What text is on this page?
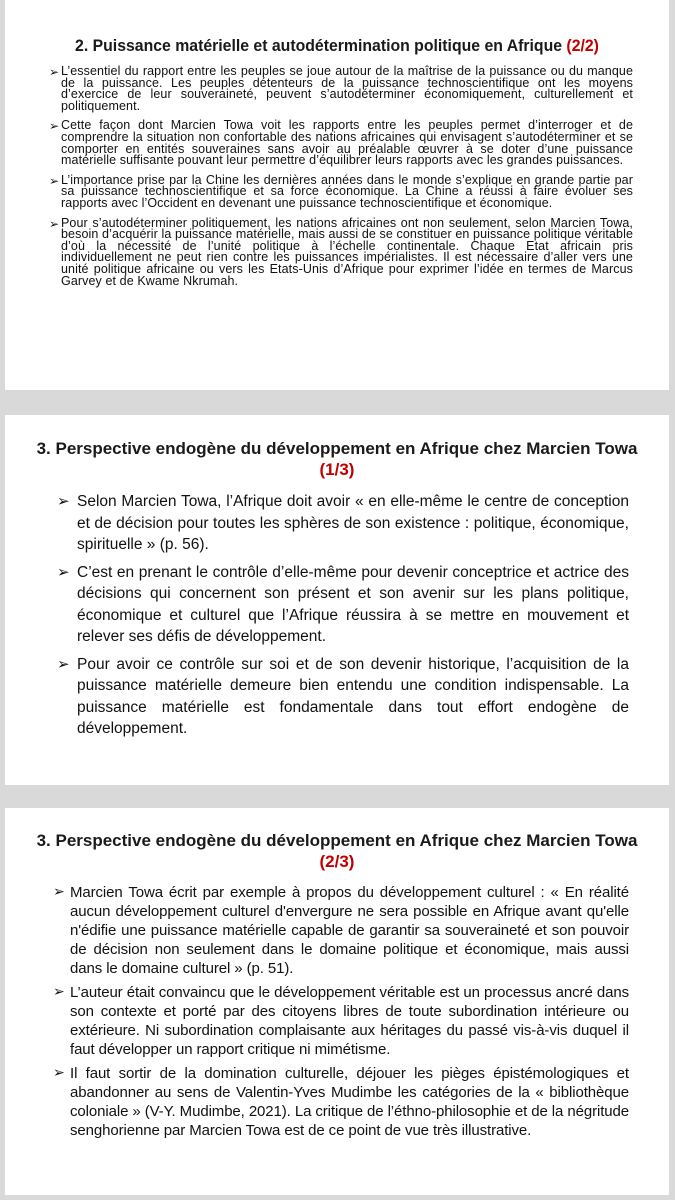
2. Puissance matérielle et autodétermination politique en Afrique (2/2)
➢ L’essentiel du rapport entre les peuples se joue autour de la maîtrise de la puissance ou du manque de la puissance. Les peuples détenteurs de la puissance technoscientifique ont les moyens d’exercice de leur souveraineté, peuvent s’autodéterminer économiquement, culturellement et politiquement.
➢ Cette façon dont Marcien Towa voit les rapports entre les peuples permet d’interroger et de comprendre la situation non confortable des nations africaines qui envisagent s’autodéterminer et se comporter en entités souveraines sans avoir au préalable œuvrer à se doter d’une puissance matérielle suffisante pouvant leur permettre d’équilibrer leurs rapports avec les grandes puissances.
➢ L’importance prise par la Chine les dernières années dans le monde s’explique en grande partie par sa puissance technoscientifique et sa force économique. La Chine a réussi à faire évoluer ses rapports avec l’Occident en devenant une puissance technoscientifique et économique.
➢ Pour s’autodéterminer politiquement, les nations africaines ont non seulement, selon Marcien Towa, besoin d’acquérir la puissance matérielle, mais aussi de se constituer en puissance politique véritable d’où la nécessité de l’unité politique à l’échelle continentale. Chaque Etat africain pris individuellement ne peut rien contre les puissances impérialistes. Il est nécessaire d’aller vers une unité politique africaine ou vers les Etats-Unis d’Afrique pour exprimer l’idée en termes de Marcus Garvey et de Kwame Nkrumah.
3. Perspective endogène du développement en Afrique chez Marcien Towa
(1/3)
➢ Selon Marcien Towa, l’Afrique doit avoir « en elle-même le centre de conception et de décision pour toutes les sphères de son existence : politique, économique, spirituelle » (p. 56).
➢ C’est en prenant le contrôle d’elle-même pour devenir conceptrice et actrice des décisions qui concernent son présent et son avenir sur les plans politique, économique et culturel que l’Afrique réussira à se mettre en mouvement et relever ses défis de développement.
➢ Pour avoir ce contrôle sur soi et de son devenir historique, l’acquisition de la puissance matérielle demeure bien entendu une condition indispensable. La puissance matérielle est fondamentale dans tout effort endogène de développement.
3. Perspective endogène du développement en Afrique chez Marcien Towa
(2/3)
➢ Marcien Towa écrit par exemple à propos du développement culturel : « En réalité aucun développement culturel d'envergure ne sera possible en Afrique avant qu'elle n'édifie une puissance matérielle capable de garantir sa souveraineté et son pouvoir de décision non seulement dans le domaine politique et économique, mais aussi dans le domaine culturel » (p. 51).
➢ L’auteur était convaincu que le développement véritable est un processus ancré dans son contexte et porté par des citoyens libres de toute subordination intérieure ou extérieure. Ni subordination complaisante aux héritages du passé vis-à-vis duquel il faut développer un rapport critique ni mimétisme.
➢ Il faut sortir de la domination culturelle, déjouer les pièges épistémologiques et abandonner au sens de Valentin-Yves Mudimbe les catégories de la « bibliothèque coloniale » (V-Y. Mudimbe, 2021). La critique de l’éthno-philosophie et de la négritude senghorienne par Marcien Towa est de ce point de vue très illustrative.
